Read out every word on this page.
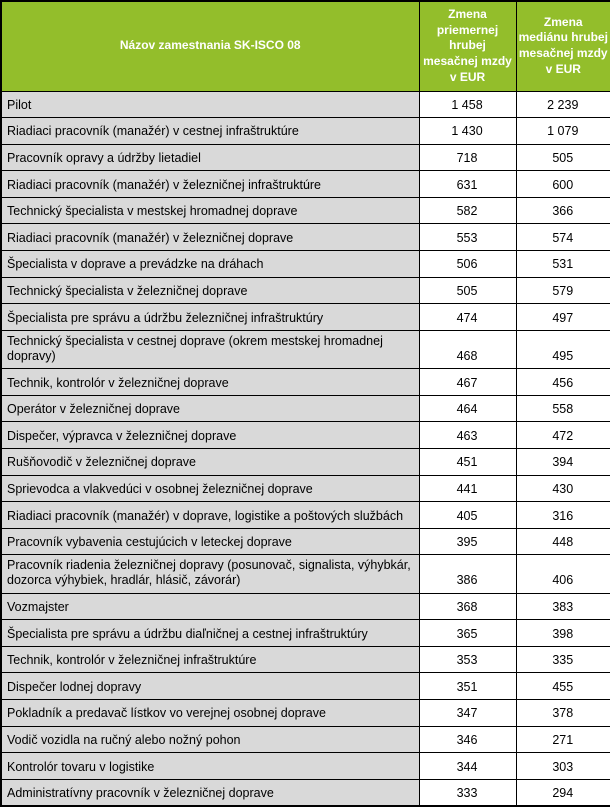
Názov zamestnania SK-ISCO 08	Zmena priemernej hrubej mesačnej mzdy v EUR	Zmena mediánu hrubej mesačnej mzdy v EUR
Pilot	1 458	2 239
Riadiaci pracovník (manažér) v cestnej infraštruktúre	1 430	1 079
Pracovník opravy a údržby lietadiel	718	505
Riadiaci pracovník (manažér) v železničnej infraštruktúre	631	600
Technický špecialista v mestskej hromadnej doprave	582	366
Riadiaci pracovník (manažér) v železničnej doprave	553	574
Špecialista v doprave a prevádzke na dráhach	506	531
Technický špecialista v železničnej doprave	505	579
Špecialista pre správu a údržbu železničnej infraštruktúry	474	497
Technický špecialista v cestnej doprave (okrem mestskej hromadnej dopravy)	468	495
Technik, kontrolór v železničnej doprave	467	456
Operátor v železničnej doprave	464	558
Dispečer, výpravca v železničnej doprave	463	472
Rušňovodič v železničnej doprave	451	394
Sprievodca a vlakvedúci v osobnej železničnej doprave	441	430
Riadiaci pracovník (manažér) v doprave, logistike a poštových službách	405	316
Pracovník vybavenia cestujúcich v leteckej doprave	395	448
Pracovník riadenia železničnej dopravy (posunovač, signalista, výhybkár, dozorca výhybiek, hradlár, hlásič, závorár)	386	406
Vozmajster	368	383
Špecialista pre správu a údržbu diaľničnej a cestnej infraštruktúry	365	398
Technik, kontrolór v železničnej infraštruktúre	353	335
Dispečer lodnej dopravy	351	455
Pokladník a predavač lístkov vo verejnej osobnej doprave	347	378
Vodič vozidla na ručný alebo nožný pohon	346	271
Kontrolór tovaru v logistike	344	303
Administratívny pracovník v železničnej doprave	333	294
